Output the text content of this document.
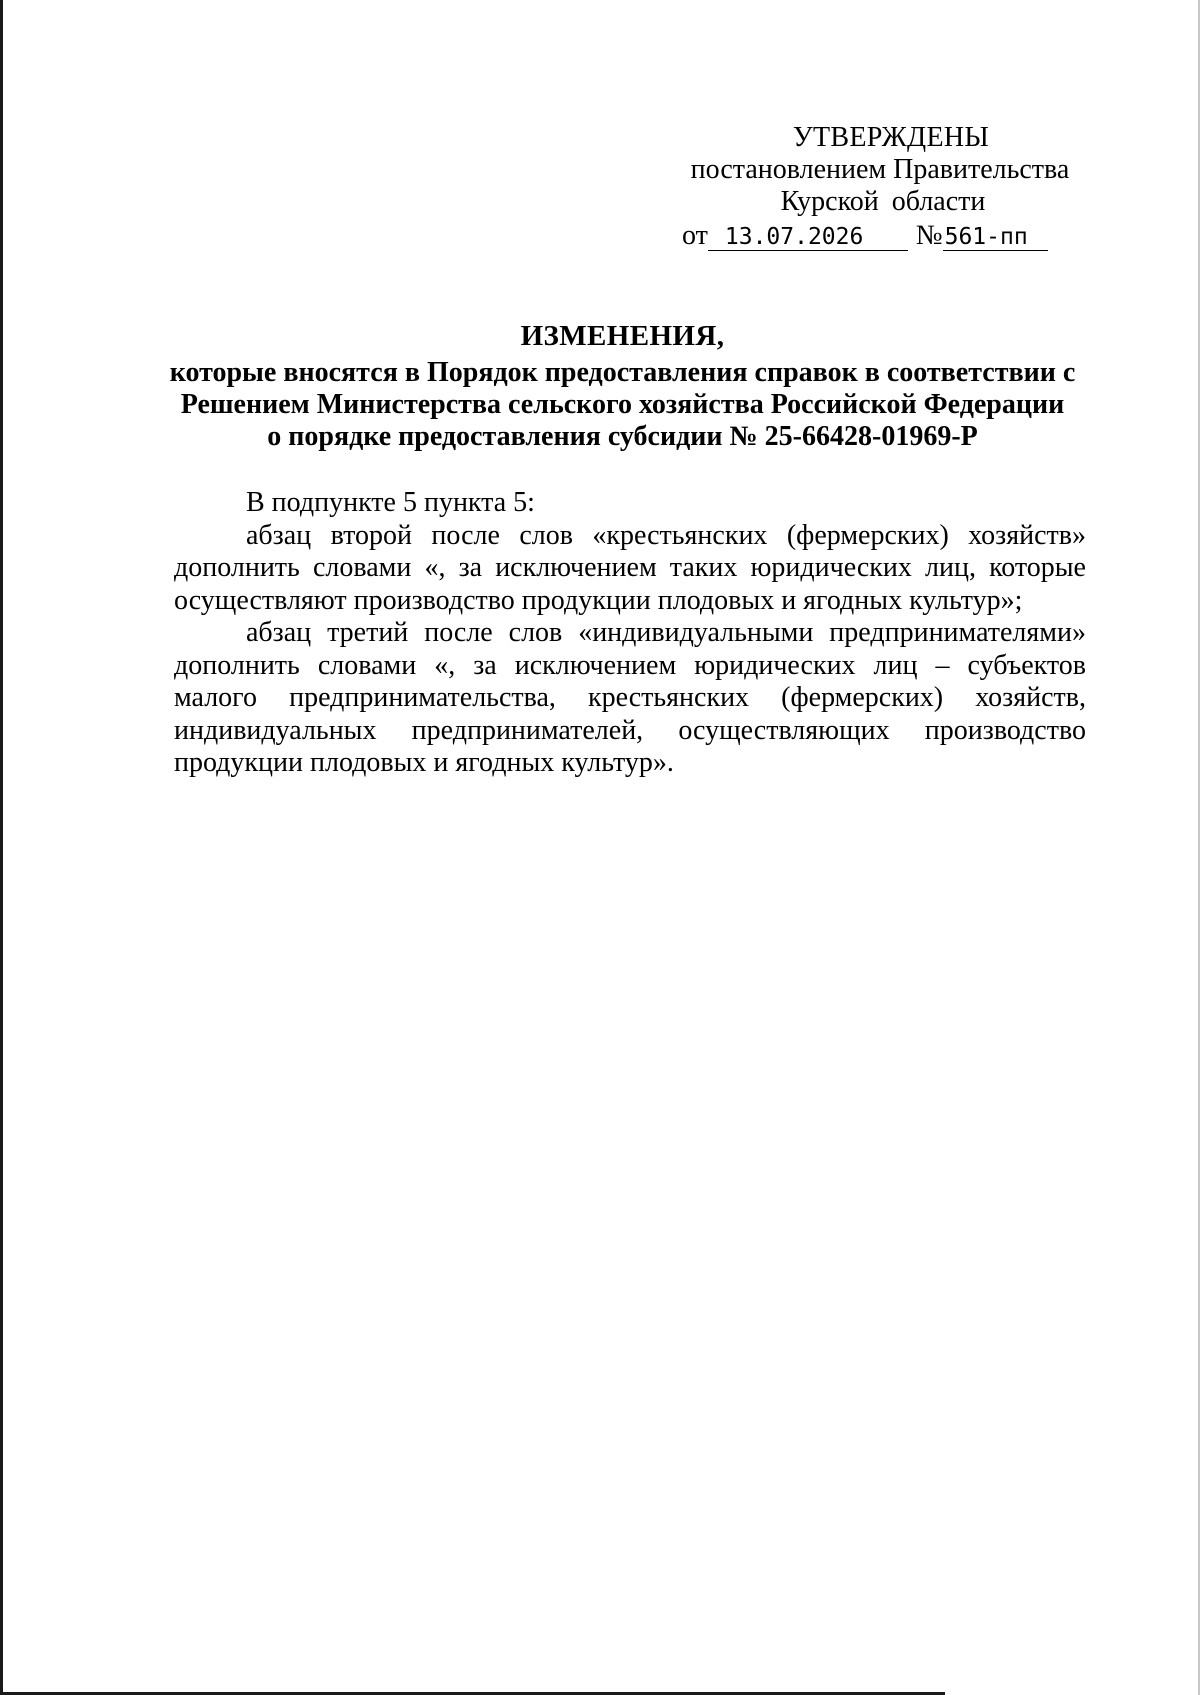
УТВЕРЖДЕНЫ
постановлением Правительства
Курской области
от 13.07.2026 №561-пп
ИЗМЕНЕНИЯ,
которые вносятся в Порядок предоставления справок в соответствии с
Решением Министерства сельского хозяйства Российской Федерации
о порядке предоставления субсидии № 25-66428-01969-Р

В подпункте 5 пункта 5:

абзац второй после слов «крестьянских (фермерских) хозяйств» дополнить словами «, за исключением таких юридических лиц, которые осуществляют производство продукции плодовых и ягодных культур»;

абзац третий после слов «индивидуальными предпринимателями» дополнить словами «, за исключением юридических лиц – субъектов малого предпринимательства, крестьянских (фермерских) хозяйств, индивидуальных предпринимателей, осуществляющих производство продукции плодовых и ягодных культур».
